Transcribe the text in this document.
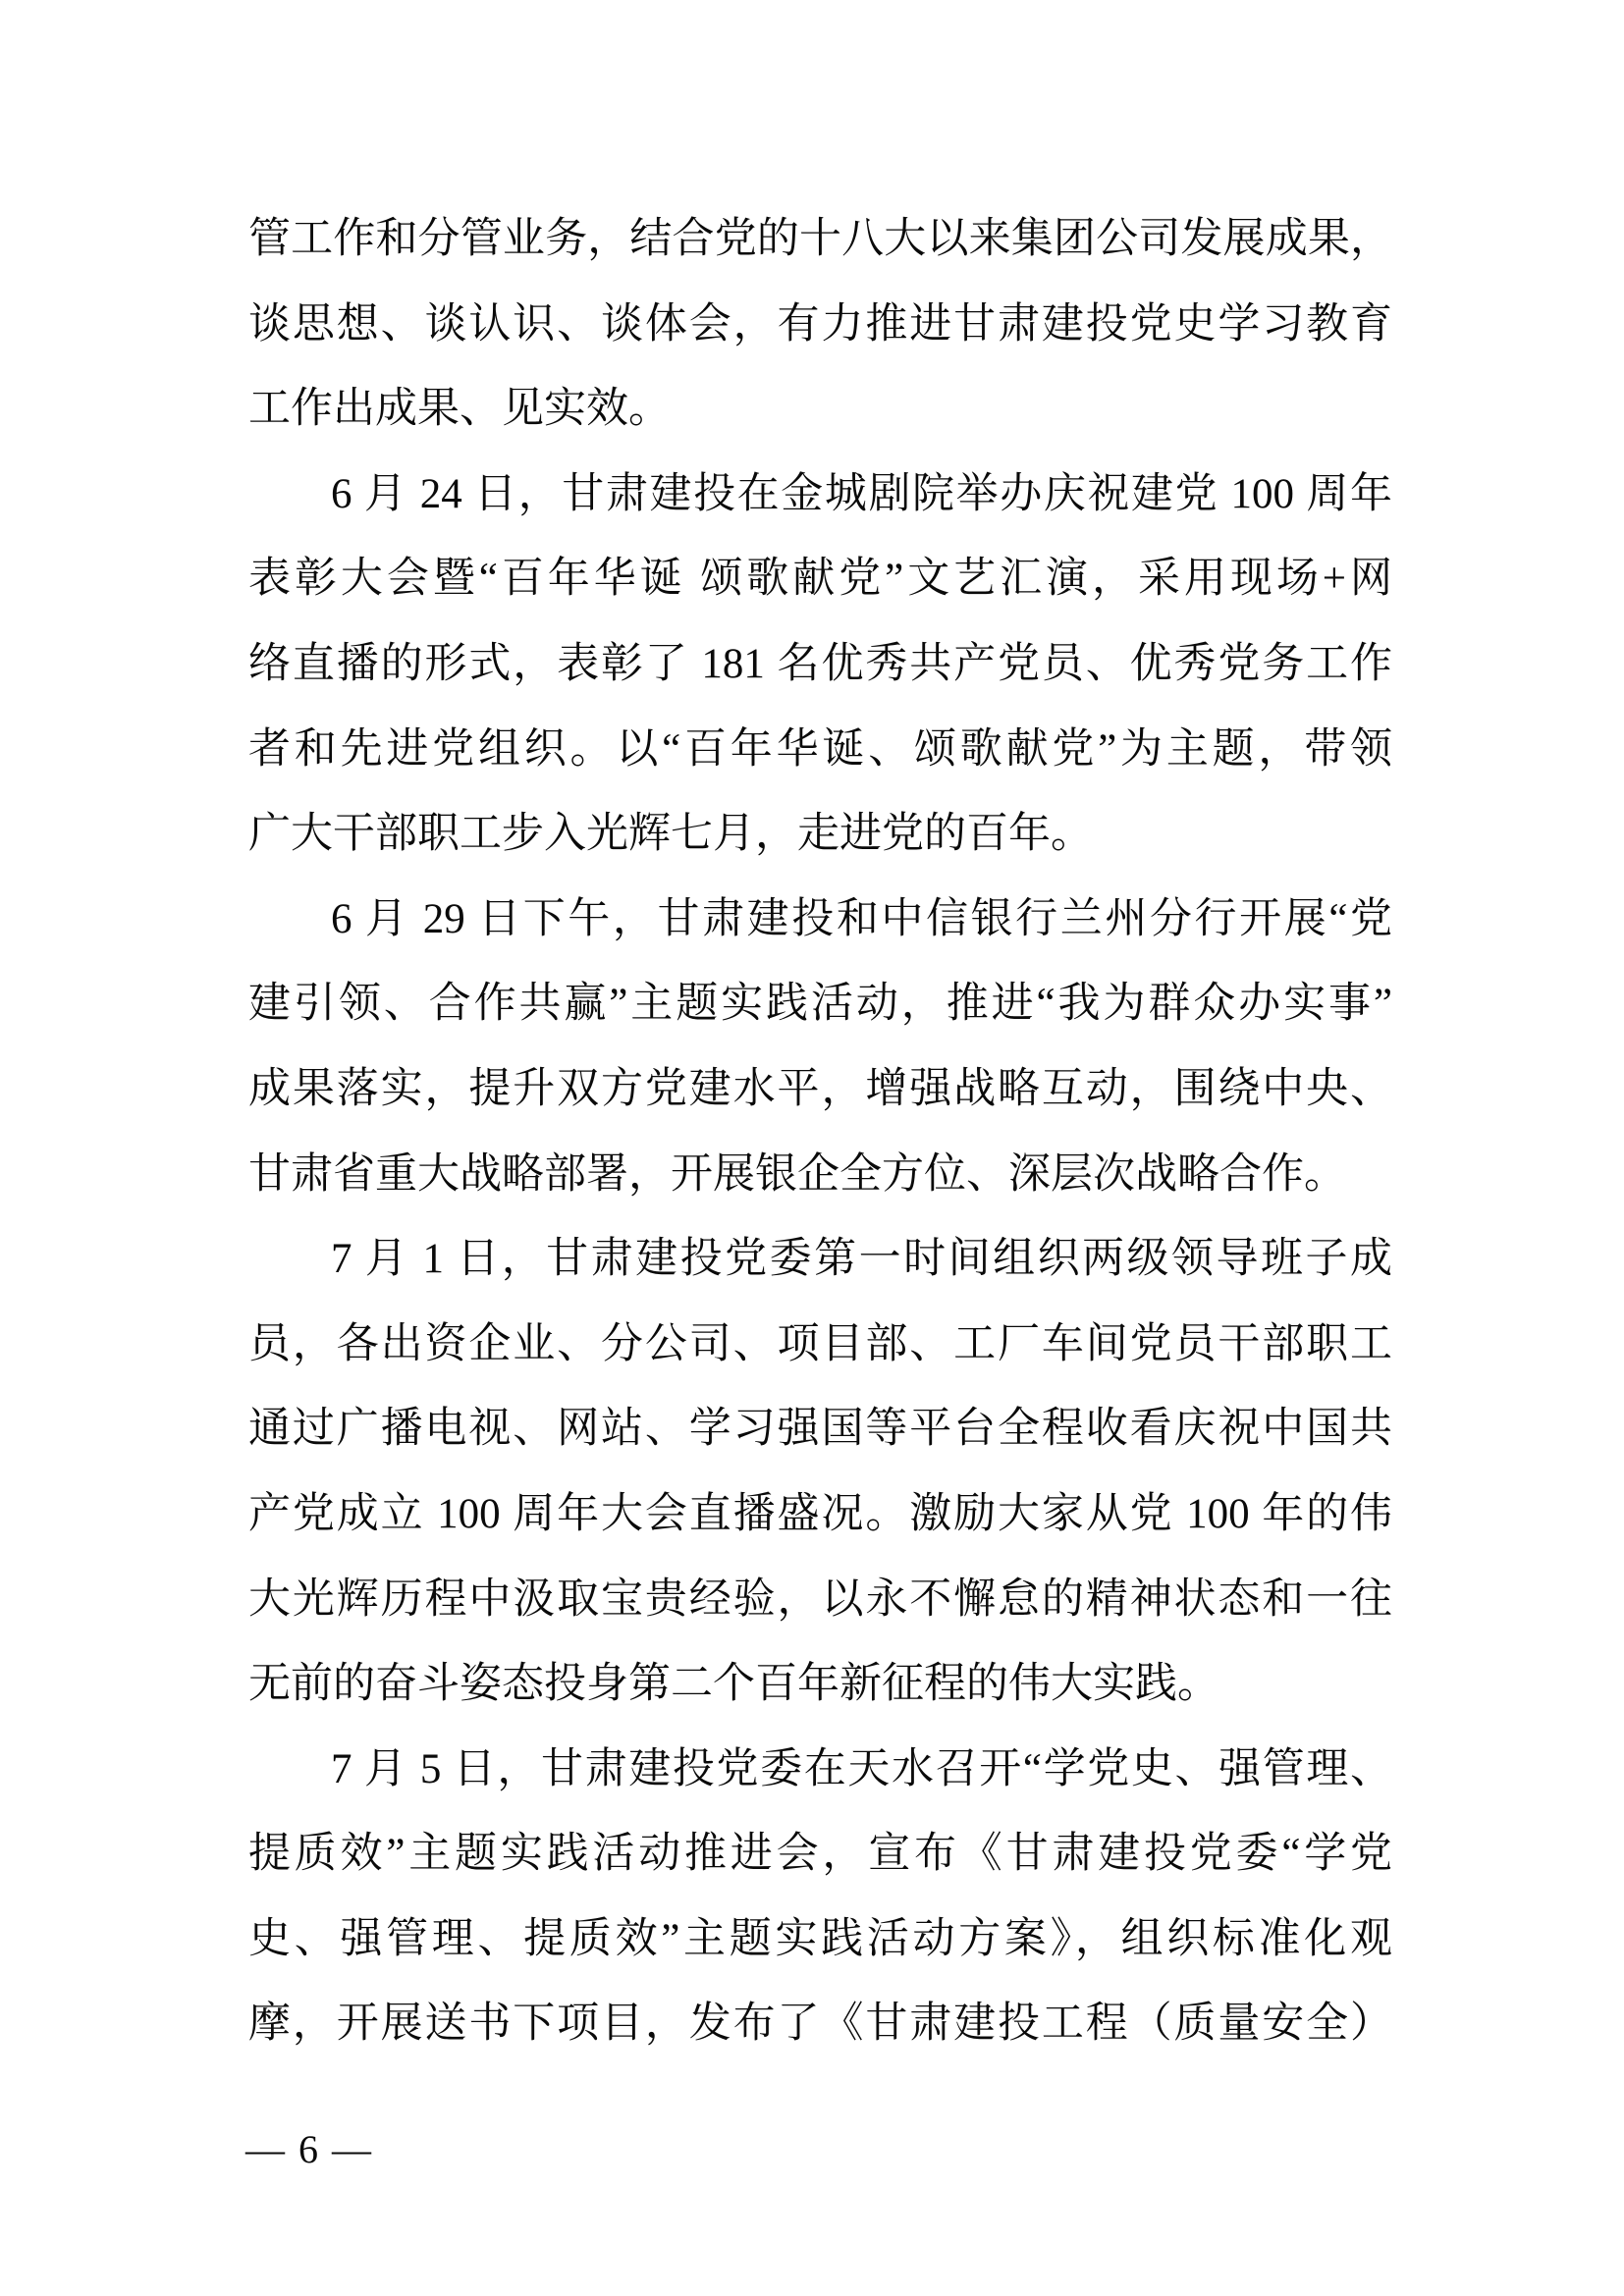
管工作和分管业务，结合党的十八大以来集团公司发展成果，
谈思想、谈认识、谈体会，有力推进甘肃建投党史学习教育
工作出成果、见实效。
6 月 24 日，甘肃建投在金城剧院举办庆祝建党 100 周年
表彰大会暨“百年华诞 颂歌献党”文艺汇演，采用现场+网
络直播的形式，表彰了 181 名优秀共产党员、优秀党务工作
者和先进党组织。以“百年华诞、颂歌献党”为主题，带领
广大干部职工步入光辉七月，走进党的百年。
6 月 29 日下午，甘肃建投和中信银行兰州分行开展“党
建引领、合作共赢”主题实践活动，推进“我为群众办实事”
成果落实，提升双方党建水平，增强战略互动，围绕中央、
甘肃省重大战略部署，开展银企全方位、深层次战略合作。
7 月 1 日，甘肃建投党委第一时间组织两级领导班子成
员，各出资企业、分公司、项目部、工厂车间党员干部职工
通过广播电视、网站、学习强国等平台全程收看庆祝中国共
产党成立 100 周年大会直播盛况。激励大家从党 100 年的伟
大光辉历程中汲取宝贵经验，以永不懈怠的精神状态和一往
无前的奋斗姿态投身第二个百年新征程的伟大实践。
7 月 5 日，甘肃建投党委在天水召开“学党史、强管理、
提质效”主题实践活动推进会，宣布《甘肃建投党委“学党
史、强管理、提质效”主题实践活动方案》，组织标准化观
摩，开展送书下项目，发布了《甘肃建投工程（质量安全）
— 6 —
